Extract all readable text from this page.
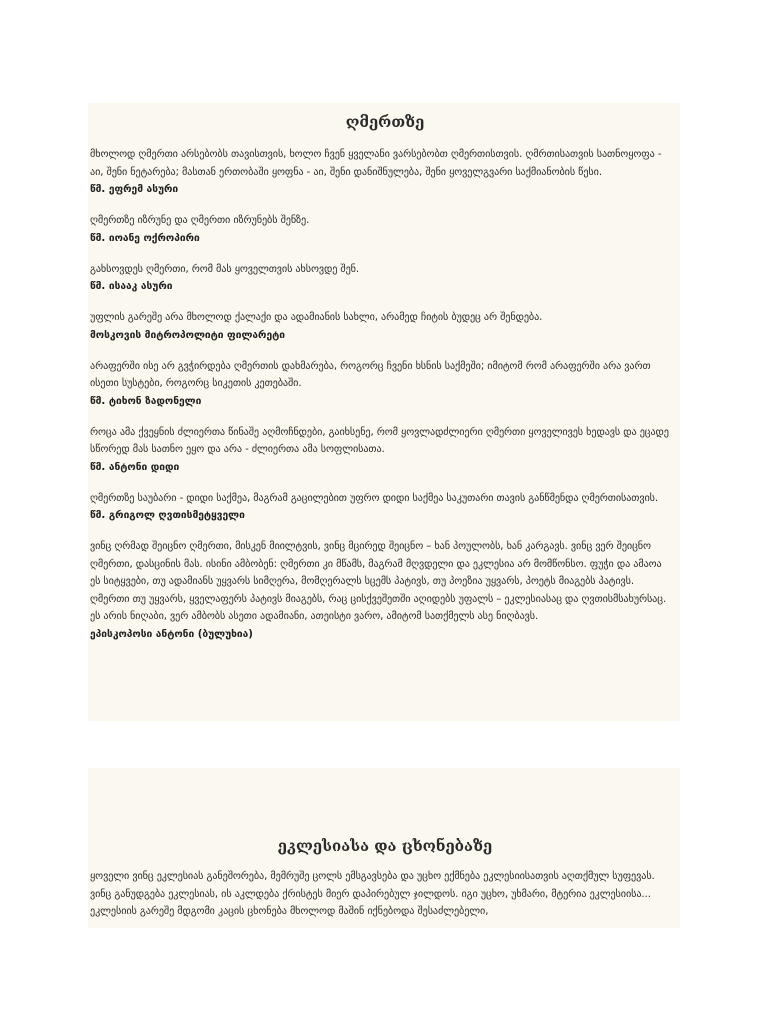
ღმერთზე

მხოლოდ ღმერთი არსებობს თავისთვის, ხოლო ჩვენ ყველანი ვარსებობთ ღმერთისთვის. ღმრთისათვის სათნოყოფა - აი, შენი ნეტარება; მასთან ერთობაში ყოფნა - აი, შენი დანიშნულება, შენი ყოველგვარი საქმიანობის წესი.

წმ. ეფრემ ასური

ღმერთზე იზრუნე და ღმერთი იზრუნებს შენზე.

წმ. იოანე ოქროპირი

გახსოვდეს ღმერთი, რომ მას ყოველთვის ახსოვდე შენ.

წმ. ისააკ ასური

უფლის გარეშე არა მხოლოდ ქალაქი და ადამიანის სახლი, არამედ ჩიტის ბუდეც არ შენდება.

მოსკოვის მიტროპოლიტი ფილარეტი

არაფერში ისე არ გვჭირდება ღმერთის დახმარება, როგორც ჩვენი ხსნის საქმეში; იმიტომ რომ არაფერში არა ვართ ისეთი სუსტები, როგორც სიკეთის კეთებაში.

წმ. ტიხონ ზადონელი

როცა ამა ქვეყნის ძლიერთა წინაშე აღმოჩნდები, გაიხსენე, რომ ყოვლადძლიერი ღმერთი ყოველივეს ხედავს და ეცადე სწორედ მას სათნო ეყო და არა - ძლიერთა ამა სოფლისათა.

წმ. ანტონი დიდი

ღმერთზე საუბარი - დიდი საქმეა, მაგრამ გაცილებით უფრო დიდი საქმეა საკუთარი თავის განწმენდა ღმერთისათვის.

წმ. გრიგოლ ღვთისმეტყველი

ვინც ღრმად შეიცნო ღმერთი, მისკენ მიილტვის, ვინც მცირედ შეიცნო – ხან პოულობს, ხან კარგავს. ვინც ვერ შეიცნო ღმერთი, დასცინის მას. ისინი ამბობენ: ღმერთი კი მწამს, მაგრამ მღვდელი და ეკლესია არ მომწონსო. ფუჭი და ამაოა ეს სიტყვები, თუ ადამიანს უყვარს სიმღერა, მომღერალს სცემს პატივს, თუ პოეზია უყვარს, პოეტს მიაგებს პატივს. ღმერთი თუ უყვარს, ყველაფერს პატივს მიაგებს, რაც ცისქვეშეთში აღიდებს უფალს – ეკლესიასაც და ღვთისმსახურსაც. ეს არის ნიღაბი, ვერ ამბობს ასეთი ადამიანი, ათეისტი ვარო, ამიტომ სათქმელს ასე ნიღბავს.

ეპისკოპოსი ანტონი (ბულუხია)

ეკლესიასა და ცხონებაზე

ყოველი ვინც ეკლესიას განეშორება, მემრუშე ცოლს ემსგავსება და უცხო ექმნება ეკლესიისათვის აღთქმულ სუფევას. ვინც განუდგება ეკლესიას, ის აკლდება ქრისტეს მიერ დაპირებულ ჯილდოს. იგი უცხო, უხმარი, მტერია ეკლესიისა... ეკლესიის გარეშე მდგომი კაცის ცხონება მხოლოდ მაშინ იქნებოდა შესაძლებელი,
